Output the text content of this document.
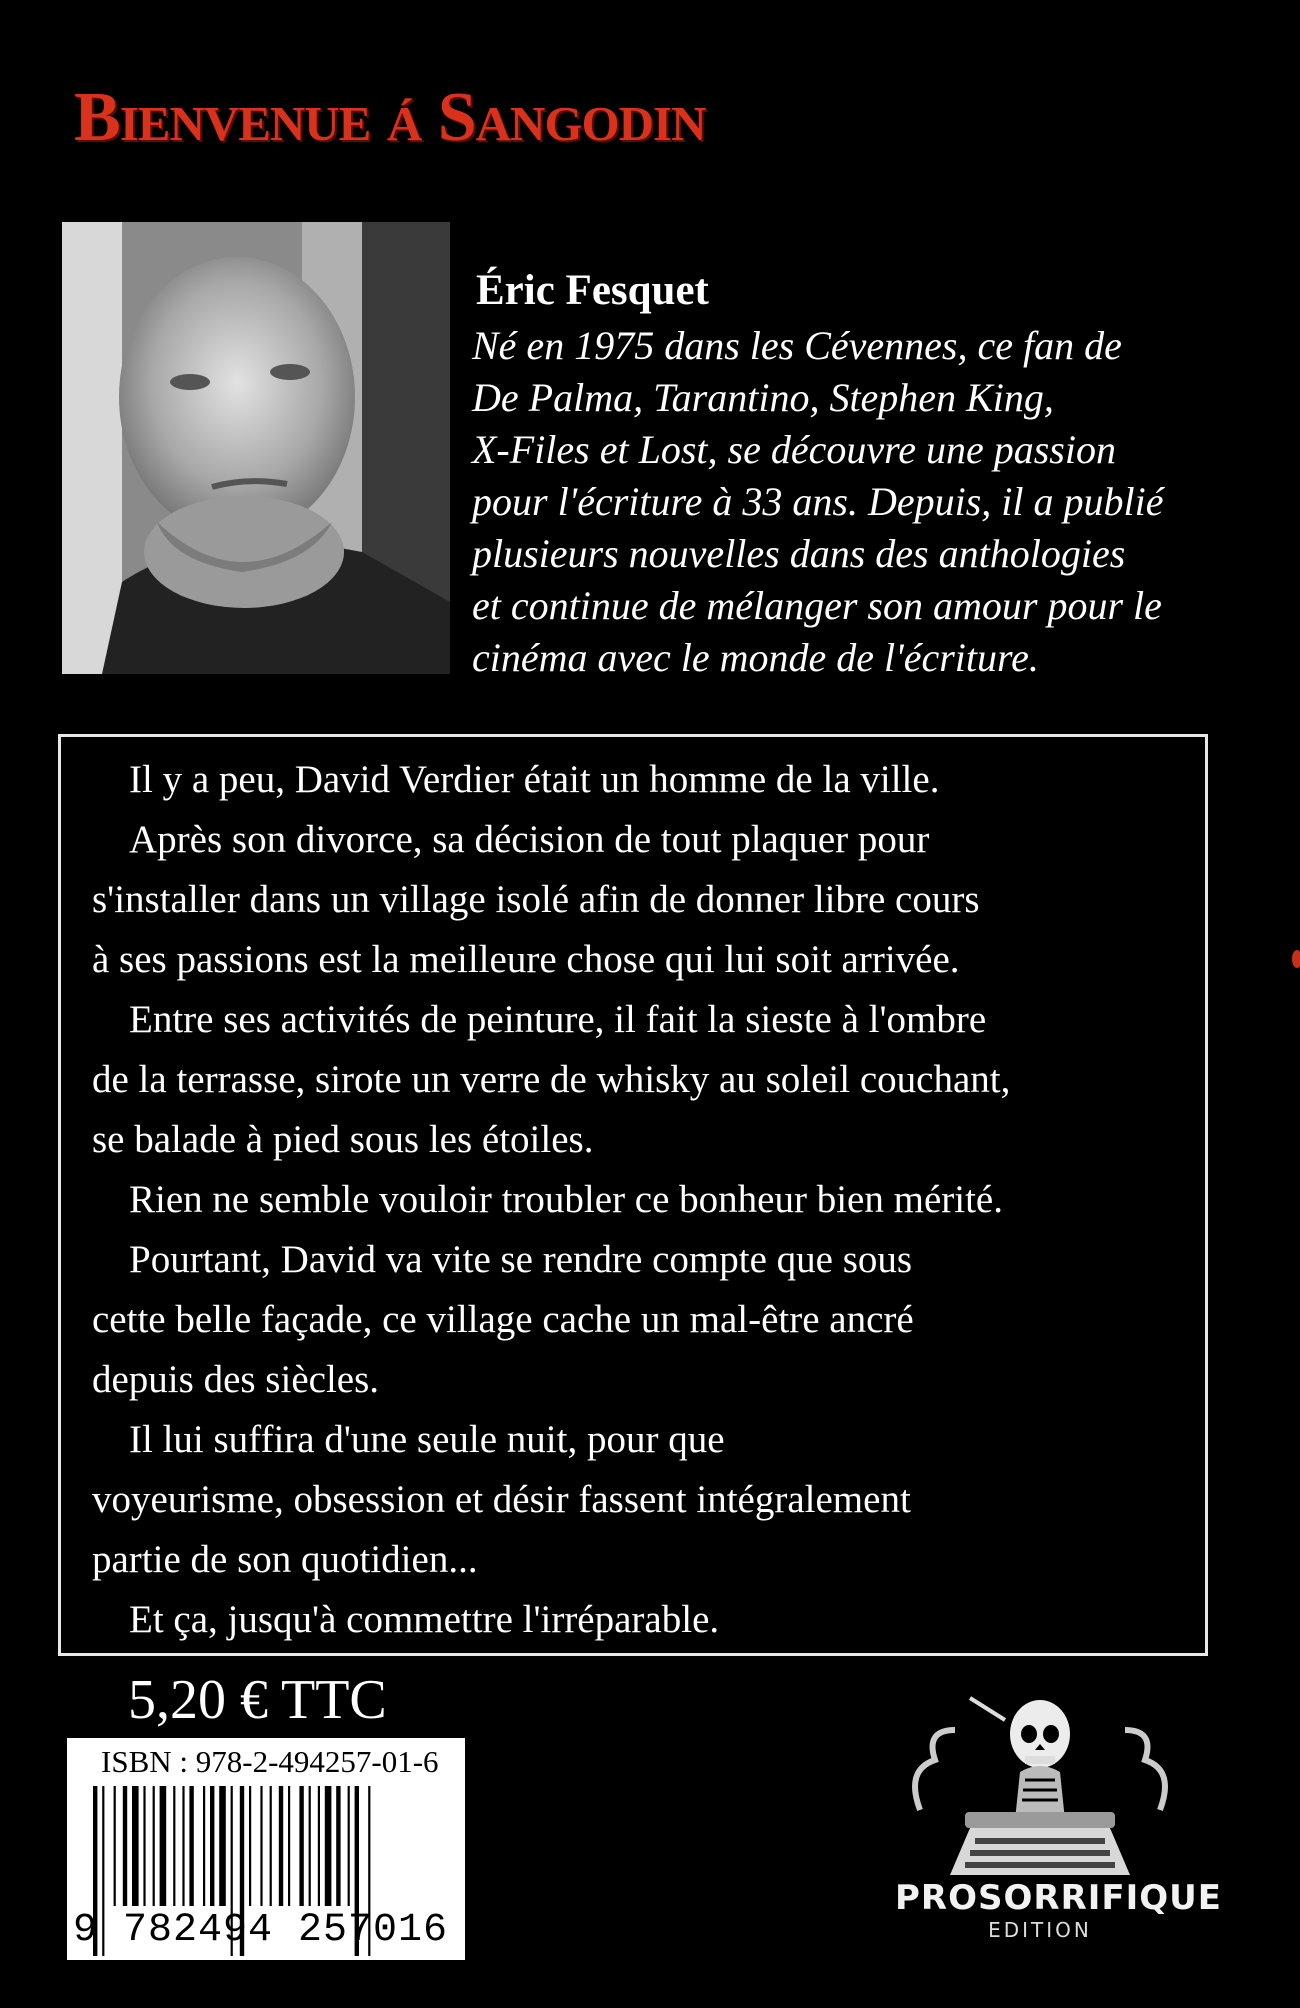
Bienvenue á Sangodin
Éric Fesquet
Né en 1975 dans les Cévennes, ce fan de
De Palma, Tarantino, Stephen King,
X-Files et Lost, se découvre une passion
pour l'écriture à 33 ans. Depuis, il a publié
plusieurs nouvelles dans des anthologies
et continue de mélanger son amour pour le
cinéma avec le monde de l'écriture.
Il y a peu, David Verdier était un homme de la ville.
Après son divorce, sa décision de tout plaquer pour
s'installer dans un village isolé afin de donner libre cours
à ses passions est la meilleure chose qui lui soit arrivée.
Entre ses activités de peinture, il fait la sieste à l'ombre
de la terrasse, sirote un verre de whisky au soleil couchant,
se balade à pied sous les étoiles.
Rien ne semble vouloir troubler ce bonheur bien mérité.
Pourtant, David va vite se rendre compte que sous
cette belle façade, ce village cache un mal-être ancré
depuis des siècles.
Il lui suffira d'une seule nuit, pour que
voyeurisme, obsession et désir fassent intégralement
partie de son quotidien...
Et ça, jusqu'à commettre l'irréparable.
5,20 € TTC
ISBN : 978-2-494257-01-6
9 782494 257016
PROSORRIFIQUE
EDITION
